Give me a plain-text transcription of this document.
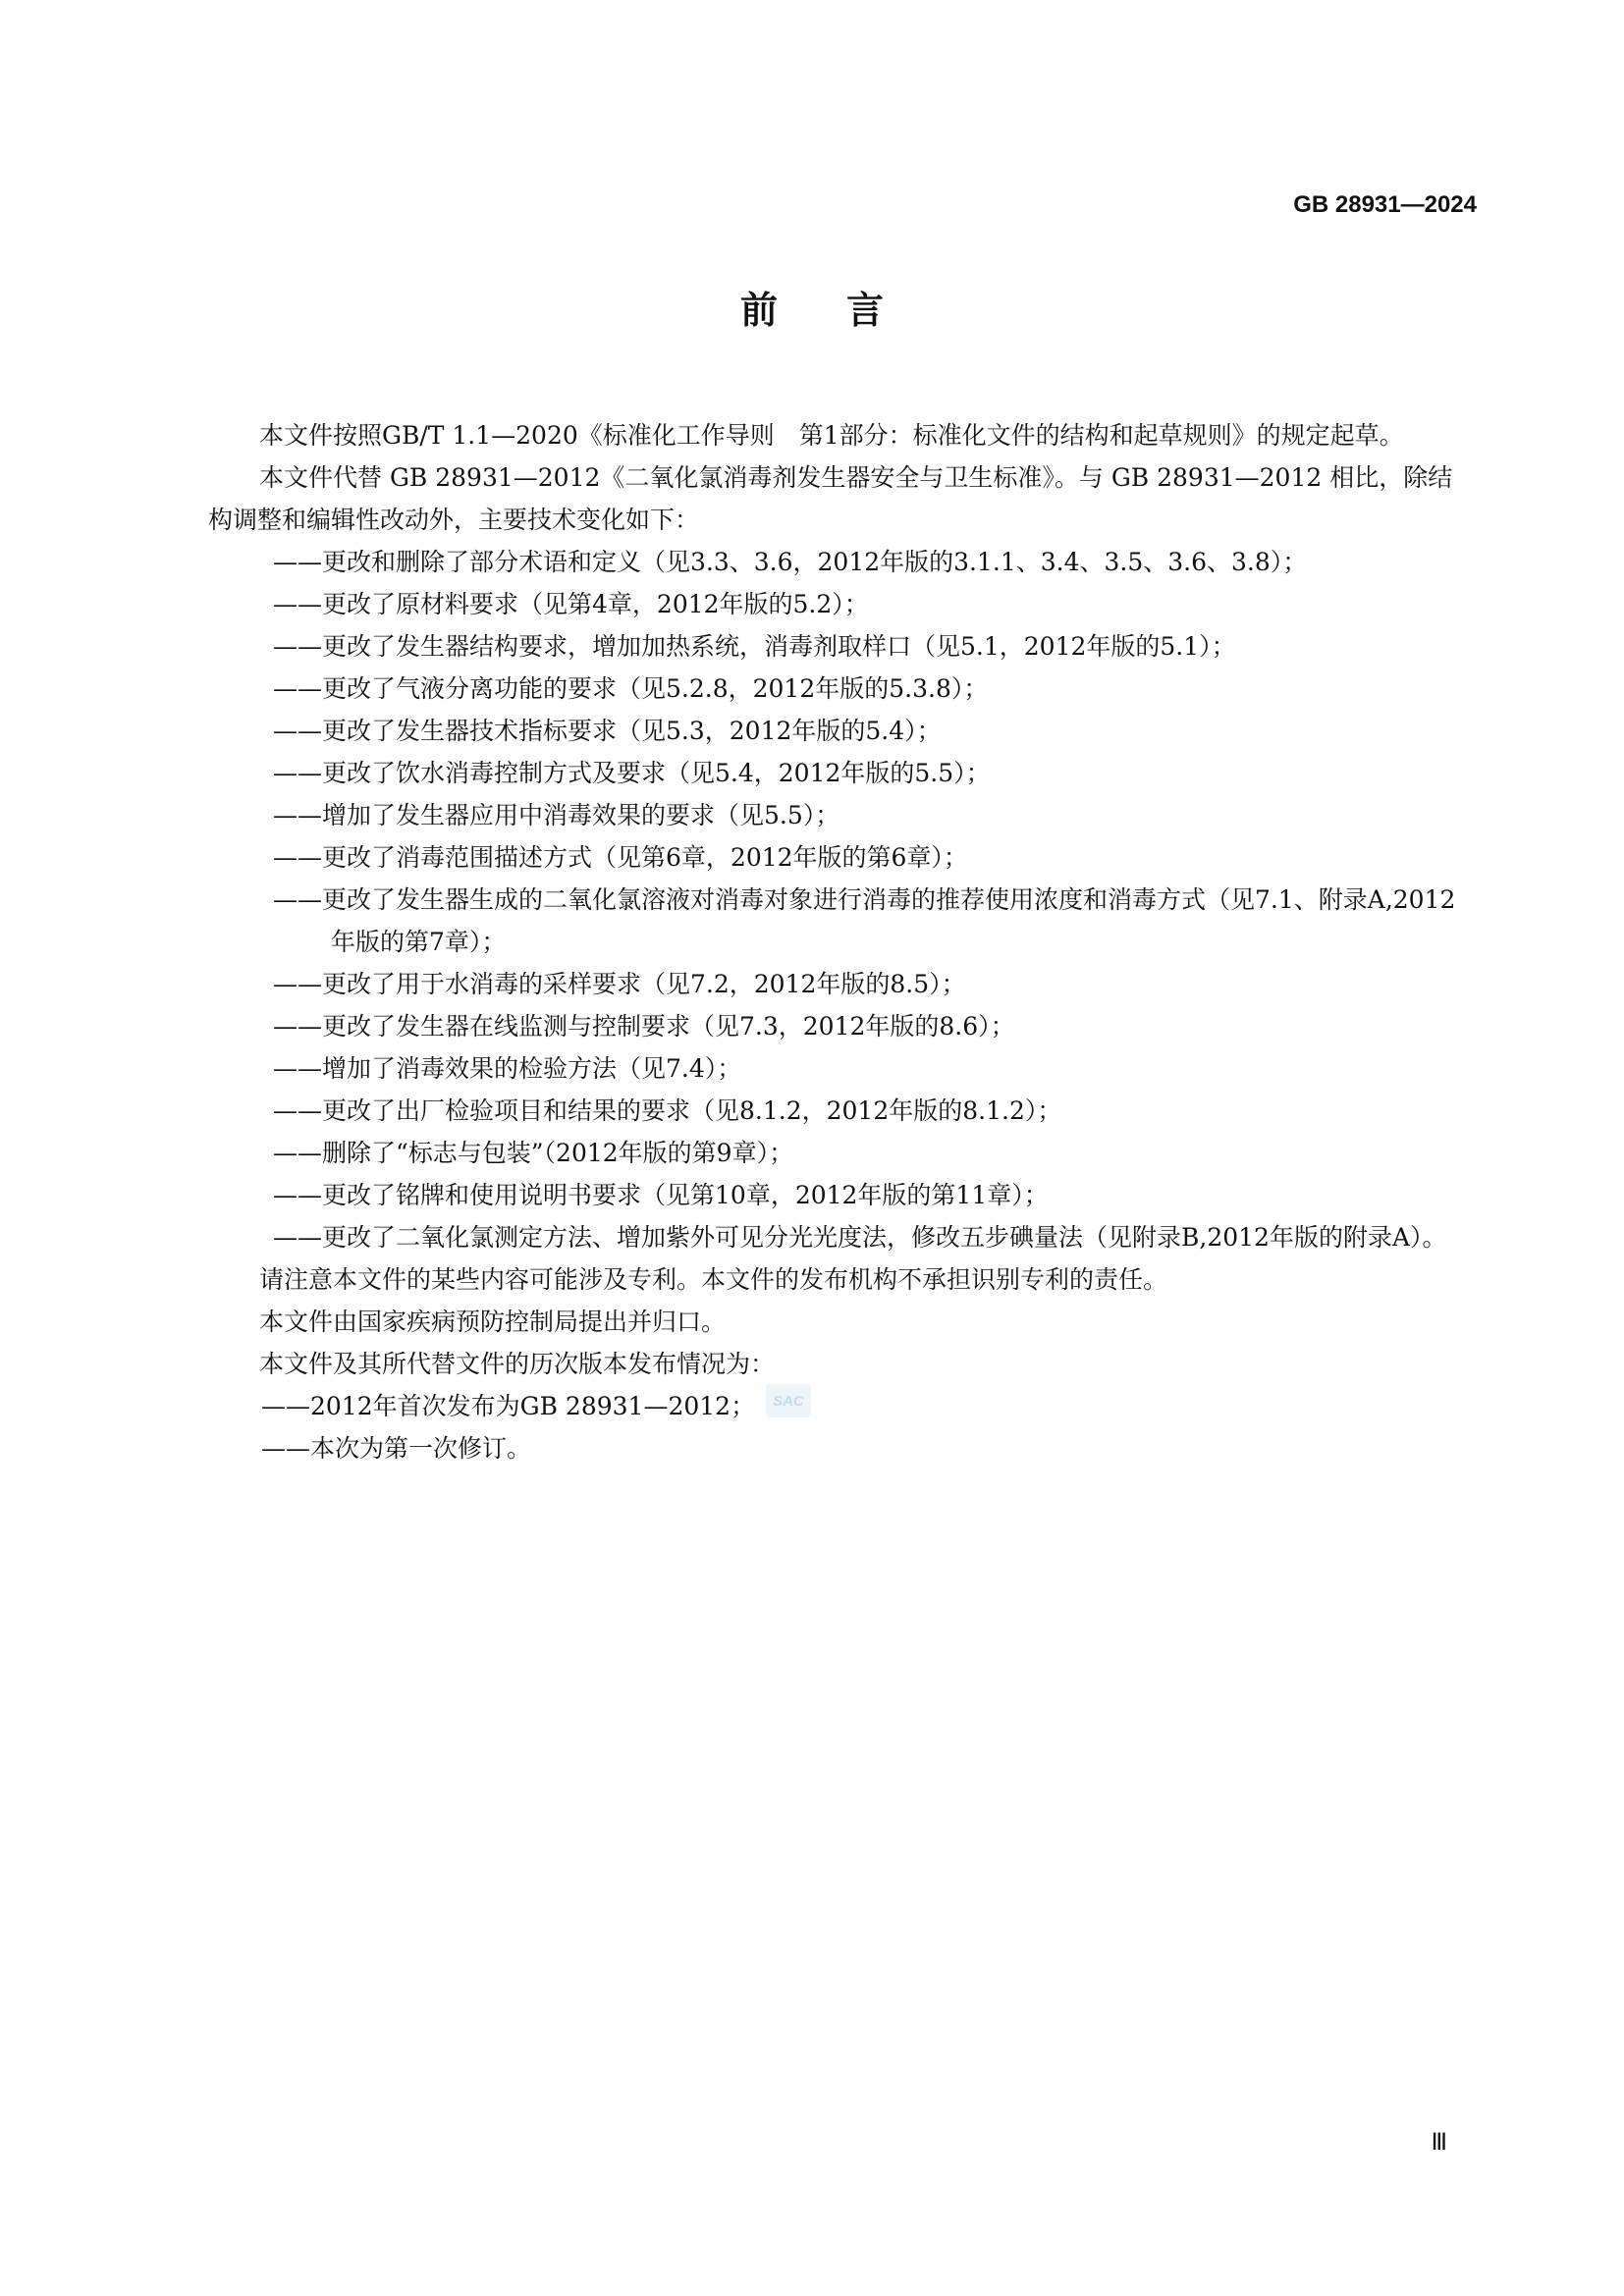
GB 28931—2024
前言

本文件按照GB/T 1.1—2020《标准化工作导则　第1部分：标准化文件的结构和起草规则》的规定起草。

本文件代替 GB 28931—2012《二氧化氯消毒剂发生器安全与卫生标准》。与 GB 28931—2012 相比，除结构调整和编辑性改动外，主要技术变化如下：

——更改和删除了部分术语和定义（见3.3、3.6，2012年版的3.1.1、3.4、3.5、3.6、3.8）；

——更改了原材料要求（见第4章，2012年版的5.2）；

——更改了发生器结构要求，增加加热系统，消毒剂取样口（见5.1，2012年版的5.1）；

——更改了气液分离功能的要求（见5.2.8，2012年版的5.3.8）；

——更改了发生器技术指标要求（见5.3，2012年版的5.4）；

——更改了饮水消毒控制方式及要求（见5.4，2012年版的5.5）；

——增加了发生器应用中消毒效果的要求（见5.5）；

——更改了消毒范围描述方式（见第6章，2012年版的第6章）；

——更改了发生器生成的二氧化氯溶液对消毒对象进行消毒的推荐使用浓度和消毒方式（见7.1、附录A,2012年版的第7章）；

——更改了用于水消毒的采样要求（见7.2，2012年版的8.5）；

——更改了发生器在线监测与控制要求（见7.3，2012年版的8.6）；

——增加了消毒效果的检验方法（见7.4）；

——更改了出厂检验项目和结果的要求（见8.1.2，2012年版的8.1.2）；

——删除了“标志与包装”（2012年版的第9章）；

——更改了铭牌和使用说明书要求（见第10章，2012年版的第11章）；

——更改了二氧化氯测定方法、增加紫外可见分光光度法，修改五步碘量法（见附录B,2012年版的附录A）。

请注意本文件的某些内容可能涉及专利。本文件的发布机构不承担识别专利的责任。

本文件由国家疾病预防控制局提出并归口。

本文件及其所代替文件的历次版本发布情况为：

——2012年首次发布为GB 28931—2012；

——本次为第一次修订。

SAC
Ⅲ
